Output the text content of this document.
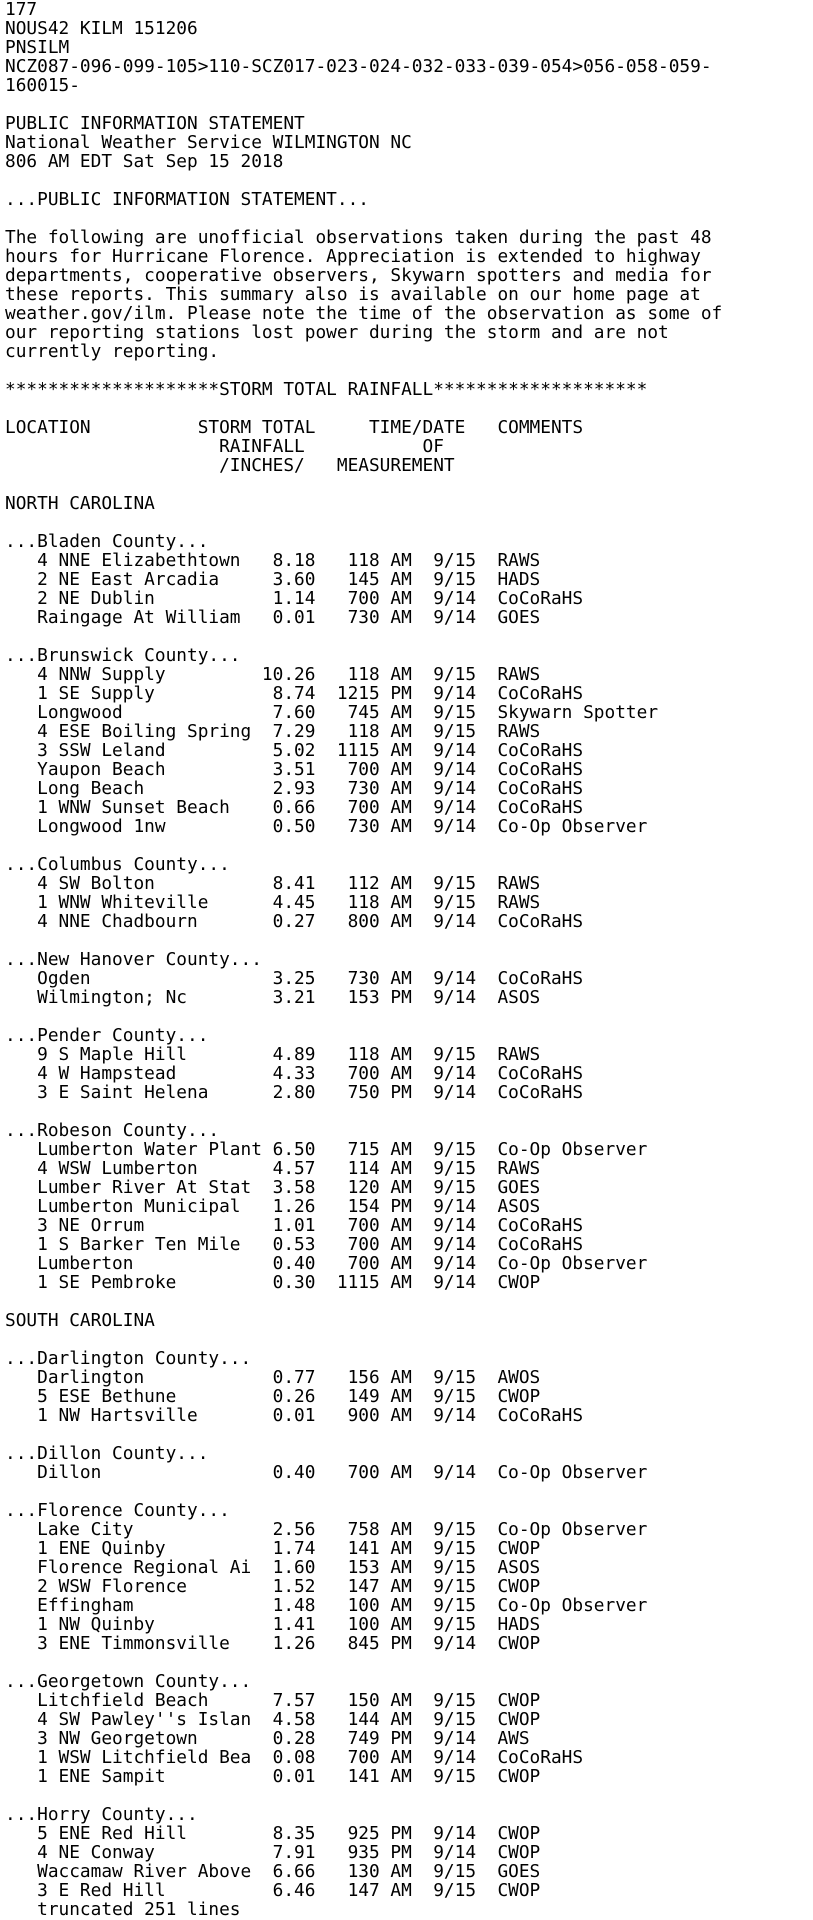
177
NOUS42 KILM 151206
PNSILM
NCZ087-096-099-105>110-SCZ017-023-024-032-033-039-054>056-058-059-
160015-
PUBLIC INFORMATION STATEMENT
National Weather Service WILMINGTON NC
806 AM EDT Sat Sep 15 2018
...PUBLIC INFORMATION STATEMENT...
The following are unofficial observations taken during the past 48
hours for Hurricane Florence. Appreciation is extended to highway
departments, cooperative observers, Skywarn spotters and media for
these reports. This summary also is available on our home page at
weather.gov/ilm. Please note the time of the observation as some of
our reporting stations lost power during the storm and are not
currently reporting.
********************STORM TOTAL RAINFALL********************
LOCATION          STORM TOTAL     TIME/DATE   COMMENTS
RAINFALL           OF
/INCHES/   MEASUREMENT
NORTH CAROLINA
...Bladen County...
4 NNE Elizabethtown   8.18   118 AM  9/15  RAWS
2 NE East Arcadia     3.60   145 AM  9/15  HADS
2 NE Dublin           1.14   700 AM  9/14  CoCoRaHS
Raingage At William   0.01   730 AM  9/14  GOES
...Brunswick County...
4 NNW Supply         10.26   118 AM  9/15  RAWS
1 SE Supply           8.74  1215 PM  9/14  CoCoRaHS
Longwood              7.60   745 AM  9/15  Skywarn Spotter
4 ESE Boiling Spring  7.29   118 AM  9/15  RAWS
3 SSW Leland          5.02  1115 AM  9/14  CoCoRaHS
Yaupon Beach          3.51   700 AM  9/14  CoCoRaHS
Long Beach            2.93   730 AM  9/14  CoCoRaHS
1 WNW Sunset Beach    0.66   700 AM  9/14  CoCoRaHS
Longwood 1nw          0.50   730 AM  9/14  Co-Op Observer
...Columbus County...
4 SW Bolton           8.41   112 AM  9/15  RAWS
1 WNW Whiteville      4.45   118 AM  9/15  RAWS
4 NNE Chadbourn       0.27   800 AM  9/14  CoCoRaHS
...New Hanover County...
Ogden                 3.25   730 AM  9/14  CoCoRaHS
Wilmington; Nc        3.21   153 PM  9/14  ASOS
...Pender County...
9 S Maple Hill        4.89   118 AM  9/15  RAWS
4 W Hampstead         4.33   700 AM  9/14  CoCoRaHS
3 E Saint Helena      2.80   750 PM  9/14  CoCoRaHS
...Robeson County...
Lumberton Water Plant 6.50   715 AM  9/15  Co-Op Observer
4 WSW Lumberton       4.57   114 AM  9/15  RAWS
Lumber River At Stat  3.58   120 AM  9/15  GOES
Lumberton Municipal   1.26   154 PM  9/14  ASOS
3 NE Orrum            1.01   700 AM  9/14  CoCoRaHS
1 S Barker Ten Mile   0.53   700 AM  9/14  CoCoRaHS
Lumberton             0.40   700 AM  9/14  Co-Op Observer
1 SE Pembroke         0.30  1115 AM  9/14  CWOP
SOUTH CAROLINA
...Darlington County...
Darlington            0.77   156 AM  9/15  AWOS
5 ESE Bethune         0.26   149 AM  9/15  CWOP
1 NW Hartsville       0.01   900 AM  9/14  CoCoRaHS
...Dillon County...
Dillon                0.40   700 AM  9/14  Co-Op Observer
...Florence County...
Lake City             2.56   758 AM  9/15  Co-Op Observer
1 ENE Quinby          1.74   141 AM  9/15  CWOP
Florence Regional Ai  1.60   153 AM  9/15  ASOS
2 WSW Florence        1.52   147 AM  9/15  CWOP
Effingham             1.48   100 AM  9/15  Co-Op Observer
1 NW Quinby           1.41   100 AM  9/15  HADS
3 ENE Timmonsville    1.26   845 PM  9/14  CWOP
...Georgetown County...
Litchfield Beach      7.57   150 AM  9/15  CWOP
4 SW Pawley''s Islan  4.58   144 AM  9/15  CWOP
3 NW Georgetown       0.28   749 PM  9/14  AWS
1 WSW Litchfield Bea  0.08   700 AM  9/14  CoCoRaHS
1 ENE Sampit          0.01   141 AM  9/15  CWOP
...Horry County...
5 ENE Red Hill        8.35   925 PM  9/14  CWOP
4 NE Conway           7.91   935 PM  9/14  CWOP
Waccamaw River Above  6.66   130 AM  9/15  GOES
3 E Red Hill          6.46   147 AM  9/15  CWOP
truncated 251 lines
